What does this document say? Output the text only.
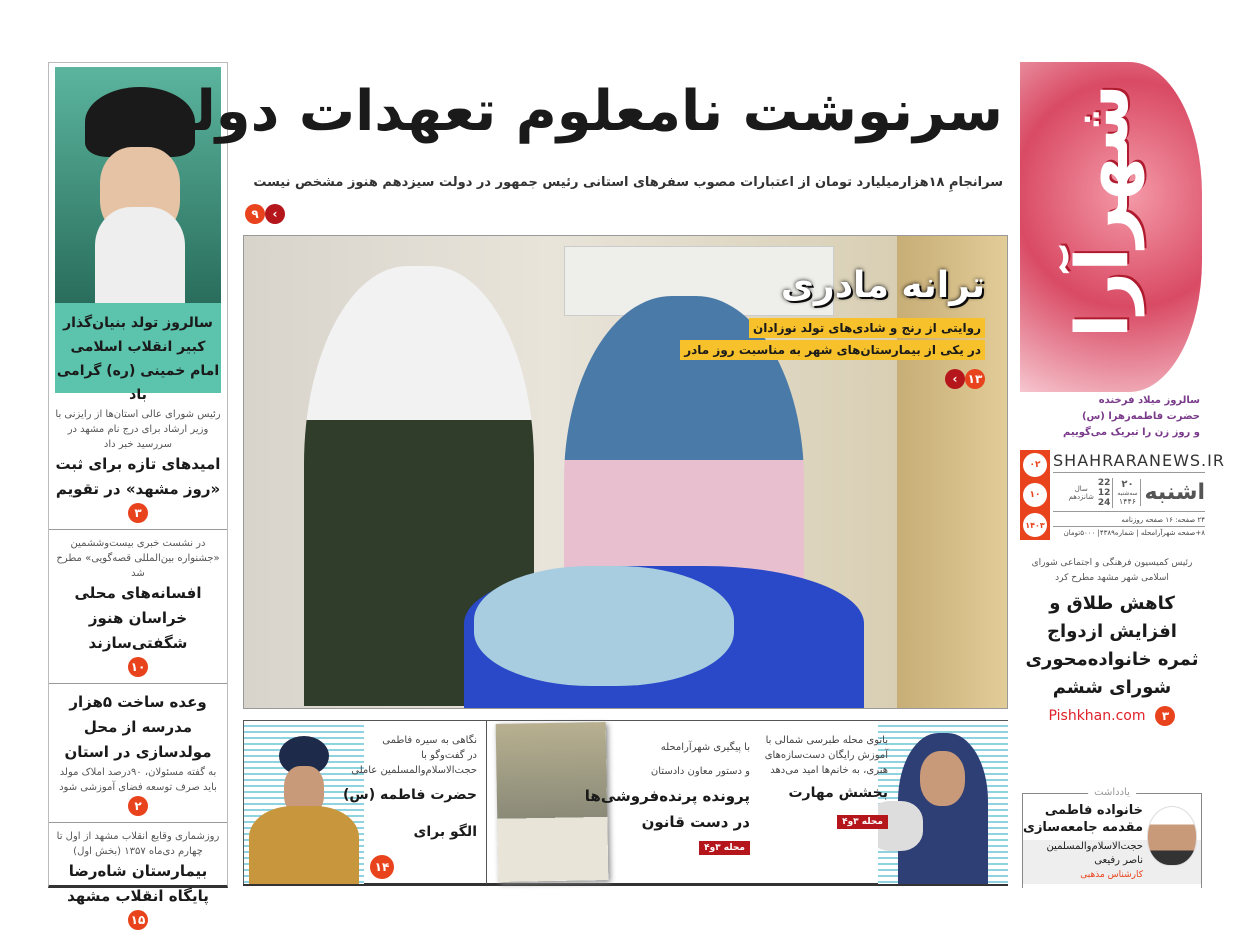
سالروز تولد بنیان‌گذار
کبیر انقلاب اسلامی
امام خمینی (ره) گرامی باد
رئیس شورای عالی استان‌ها از رایزنی با وزیر ارشاد برای درج نام مشهد در سررسید خبر داد
امیدهای تازه برای ثبت «روز مشهد» در تقویم
۳
در نشست خبری بیست‌وششمین «جشنواره بین‌المللی قصه‌گویی» مطرح شد
افسانه‌های محلی خراسان هنوز شگفتی‌سازند
۱۰
وعده ساخت ۵هزار مدرسه از محل مولدسازی در استان
به گفته مسئولان، ۹۰درصد املاک مولد باید صرف توسعه فضای آموزشی شود
۲
روزشماری وقایع انقلاب مشهد از اول تا چهارم دی‌ماه ۱۳۵۷ (بخش اول)
بیمارستان شاه‌رضا پایگاه انقلاب مشهد
۱۵
سرنوشت نامعلوم تعهدات دولت
سرانجامِ ۱۸هزارمیلیارد تومان از اعتبارات مصوب سفرهای استانی رئیس جمهور در دولت سیزدهم هنوز مشخص نیست
۹	‹
ترانه مادری
روایتی از رنج و شادی‌های تولد نوزادان
در یکی از بیمارستان‌های شهر به مناسبت روز مادر
‹ ۱۳
نگاهی به سیره فاطمی
در گفت‌وگو با
حجت‌الاسلام‌والمسلمین عاملی
حضرت فاطمه (س)
الگو برای
۱۴
با پیگیری شهرآرامحله
و دستور معاون دادستان
پرونده پرنده‌فروشی‌ها
در دست قانون
محله ۳و۴
بانوی محله طبرسی شمالی با
آموزش رایگان دست‌سازه‌های
هنری، به خانم‌ها امید می‌دهد
بخشش مهارت
محله ۳و۴
شهرآرا
سالروز میلاد فرخنده
حضرت فاطمه‌زهرا (س)
و روز زن را تبریک می‌گوییم
۰۲
۱۰
۱۴۰۳
SHAHRARANEWS.IR
اشنبه
۲۰
سه‌شنبه
۱۴۴۶
22
12
24
سال
شانزدهم
۲۴ صفحه: ۱۶ صفحه روزنامه
۸+صفحه شهرآرامحله | شماره۴۳۸۹| ۵۰۰۰تومان
رئیس کمیسیون فرهنگی و اجتماعی شورای اسلامی شهر مشهد مطرح کرد
کاهش طلاق و
افزایش ازدواج
ثمره خانواده‌محوری
شورای ششم
Pishkhan.com	۳
یادداشت
خانواده فاطمی
مقدمه جامعه‌سازی
حجت‌الاسلام‌والمسلمین
ناصر رفیعی
کارشناس مذهبی
